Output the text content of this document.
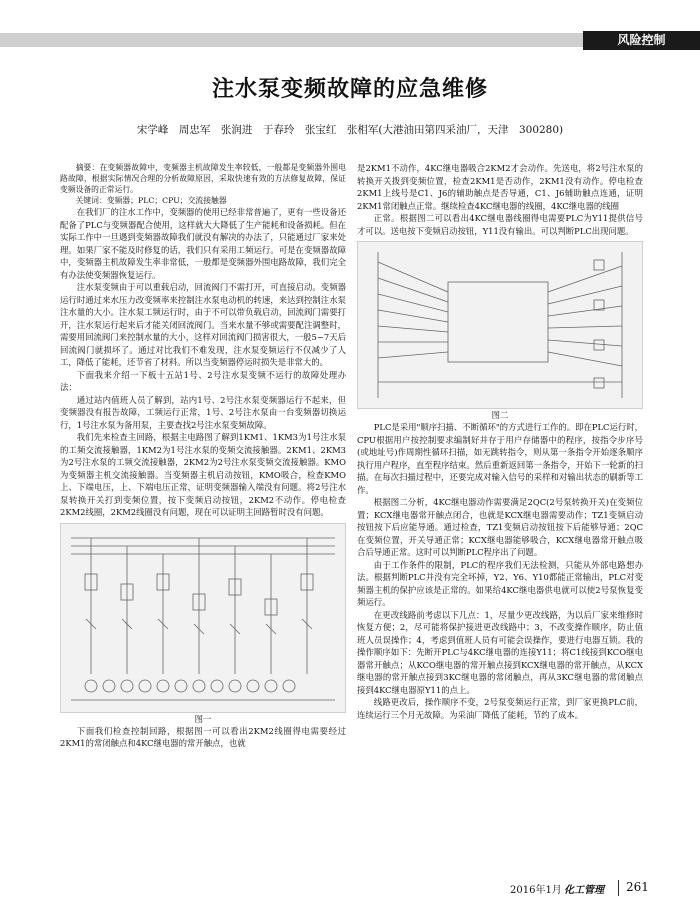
风险控制
注水泵变频故障的应急维修
宋学峰　周忠军　张润进　于春玲　张宝红　张相军(大港油田第四采油厂，天津　300280)

摘要：在变频器故障中，变频器主机故障发生率较低，一般都是变频器外围电路故障，根据实际情况合理的分析故障原因，采取快速有效的方法修复故障，保证变频设备的正常运行。

关键词：变频器；PLC；CPU；交流接触器

在我们厂的注水工作中，变频器的使用已经非常普遍了，更有一些设备还配备了PLC与变频器配合使用，这样就大大降低了生产能耗和设备损耗。但在实际工作中一旦遇到变频器故障我们就没有解决的办法了，只能通过厂家来处理。如果厂家不能及时修复的话，我们只有采用工频运行。可是在变频器故障中，变频器主机故障发生率非常低，一般都是变频器外围电路故障，我们完全有办法使变频器恢复运行。

注水泵变频由于可以重载启动，回流阀门不需打开，可直接启动。变频器运行时通过来水压力改变频率来控制注水泵电动机的转速，来达到控制注水泵注水量的大小。注水泵工频运行时，由于不可以带负载启动，回流阀门需要打开，注水泵运行起来后才能关闭回流阀门。当来水量不够或需要配注调整时，需要用回流阀门来控制水量的大小，这样对回流阀门损害很大，一般5~7天后回流阀门就损坏了。通过对比我们不难发现，注水泵变频运行不仅减少了人工，降低了能耗，还节省了材料。所以当变频器停运时损失是非常大的。

下面我来介绍一下板十五站1号、2号注水泵变频不运行的故障处理办法：

通过站内值班人员了解到，站内1号、2号注水泵变频器运行不起来，但变频器没有报告故障，工频运行正常，1号、2号注水泵由一台变频器切换运行，1号注水泵为备用泵，主要查找2号注水泵变频故障。

我们先来检查主回路，根据主电路图了解到1KM1、1KM3为1号注水泵的工频交流接触器，1KM2为1号注水泵的变频交流接触器。2KM1、2KM3为2号注水泵的工频交流接触器，2KM2为2号注水泵变频交流接触器。KMO为变频器主机交流接触器。当变频器主机启动按钮，KMO吸合，检查KMO上、下端电压，上、下端电压正常，证明变频器输入端没有问题。将2号注水泵转换开关打到变频位置，按下变频启动按钮，2KM2不动作。停电检查2KM2线圈，2KM2线圈没有问题，现在可以证明主回路暂时没有问题。

图一

下面我们检查控制回路，根据图一可以看出2KM2线圈得电需要经过2KM1的常闭触点和4KC继电器的常开触点，也就

是2KM1不动作，4KC继电器吸合2KM2才会动作。先送电，将2号注水泵的转换开关拨到变频位置，检查2KM1是否动作，2KM1没有动作。停电检查2KM1上线号是C1、J6的辅助触点是否导通，C1、J6辅助触点连通，证明2KM1常闭触点正常。继续检查4KC继电器的线圈，4KC继电器的线圈

正常。根据图二可以看出4KC继电器线圈得电需要PLC为Y11提供信号才可以。送电按下变频启动按钮，Y11没有输出。可以判断PLC出现问题。

图二

PLC是采用"顺序扫描、不断循环"的方式进行工作的。即在PLC运行时，CPU根据用户按控制要求编制好并存于用户存储器中的程序，按指令步序号(或地址号)作周期性循环扫描，如无跳转指令，则从第一条指令开始逐条顺序执行用户程序，直至程序结束。然后重新返回第一条指令，开始下一轮新的扫描。在每次扫描过程中，还要完成对输入信号的采样和对输出状态的刷新等工作。

根据图二分析，4KC继电器动作需要满足2QC(2号泵转换开关)在变频位置；KCX继电器常开触点闭合，也就是KCX继电器需要动作；TZ1变频启动按钮按下后应能导通。通过检查，TZ1变频启动按钮按下后能够导通；2QC在变频位置，开关导通正常；KCX继电器能够吸合，KCX继电器常开触点吸合后导通正常。这时可以判断PLC程序出了问题。

由于工作条件的限制，PLC的程序我们无法检测，只能从外部电路想办法。根据判断PLC并没有完全坏掉，Y2、Y6、Y10都能正常输出，PLC对变频器主机的保护应该是正常的。如果给4KC继电器供电就可以使2号泵恢复变频运行。

在更改线路前考虑以下几点：1，尽量少更改线路，为以后厂家来维修时恢复方便；2，尽可能将保护接进更改线路中；3，不改变操作顺序，防止值班人员误操作；4，考虑到值班人员有可能会误操作，要进行电器互锁。我的操作顺序如下：先断开PLC与4KC继电器的连接Y11；将C1线接到KCO继电器常开触点；从KCO继电器的常开触点接到KCX继电器的常开触点，从KCX继电器的常开触点接到3KC继电器的常闭触点，再从3KC继电器的常闭触点接到4KC继电器原Y11的点上。

线路更改后，操作顺序不变，2号泵变频运行正常，到厂家更换PLC前，连续运行三个月无故障。为采油厂降低了能耗，节约了成本。

2016年1月 化工管理 261
